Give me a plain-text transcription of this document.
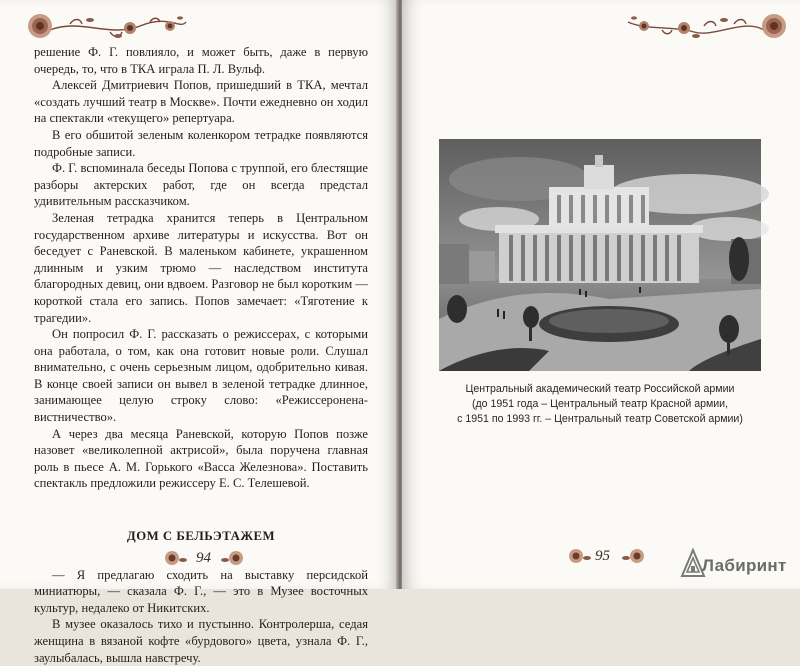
решение Ф. Г. повлияло, и может быть, даже в первую очередь, то, что в ТКА играла П. Л. Вульф.

Алексей Дмитриевич Попов, пришедший в ТКА, мечтал «создать лучший театр в Москве». Почти ежедневно он ходил на спектакли «текущего» репертуара.

В его обшитой зеленым коленкором тетрадке появляются подробные записи.

Ф. Г. вспоминала беседы Попова с труппой, его блестящие разборы актерских работ, где он всегда предстал удивительным рассказчиком.

Зеленая тетрадка хранится теперь в Центральном государственном архиве литературы и искусства. Вот он беседует с Раневской. В маленьком кабинете, украшенном длинным и узким трюмо — наследством института благородных девиц, они вдвоем. Разговор не был коротким — короткой стала его запись. Попов замечает: «Тяготение к трагедии».

Он попросил Ф. Г. рассказать о режиссерах, с которыми она работала, о том, как она готовит новые роли. Слушал внимательно, с очень серьезным лицом, одобрительно кивая. В конце своей записи он вывел в зеленой тетрадке длинное, занимающее целую строку слово: «Режиссероненавистничество».

А через два месяца Раневской, которую Попов позже назовет «великолепной актрисой», была поручена главная роль в пьесе А. М. Горького «Васса Железнова». Поставить спектакль предложили режиссеру Е. С. Телешевой.

ДОМ С БЕЛЬЭТАЖЕМ

— Я предлагаю сходить на выставку персидской миниатюры, — сказала Ф. Г., — это в Музее восточных культур, недалеко от Никитских.

В музее оказалось тихо и пустынно. Контролерша, седая женщина в вязаной кофте «бурдового» цвета, узнала Ф. Г., заулыбалась, вышла навстречу.

94
Центральный академический театр Российской армии
(до 1951 года – Центральный театр Красной армии,
с 1951 по 1993 гг. – Центральный театр Советской армии)
95	Лабиринт
